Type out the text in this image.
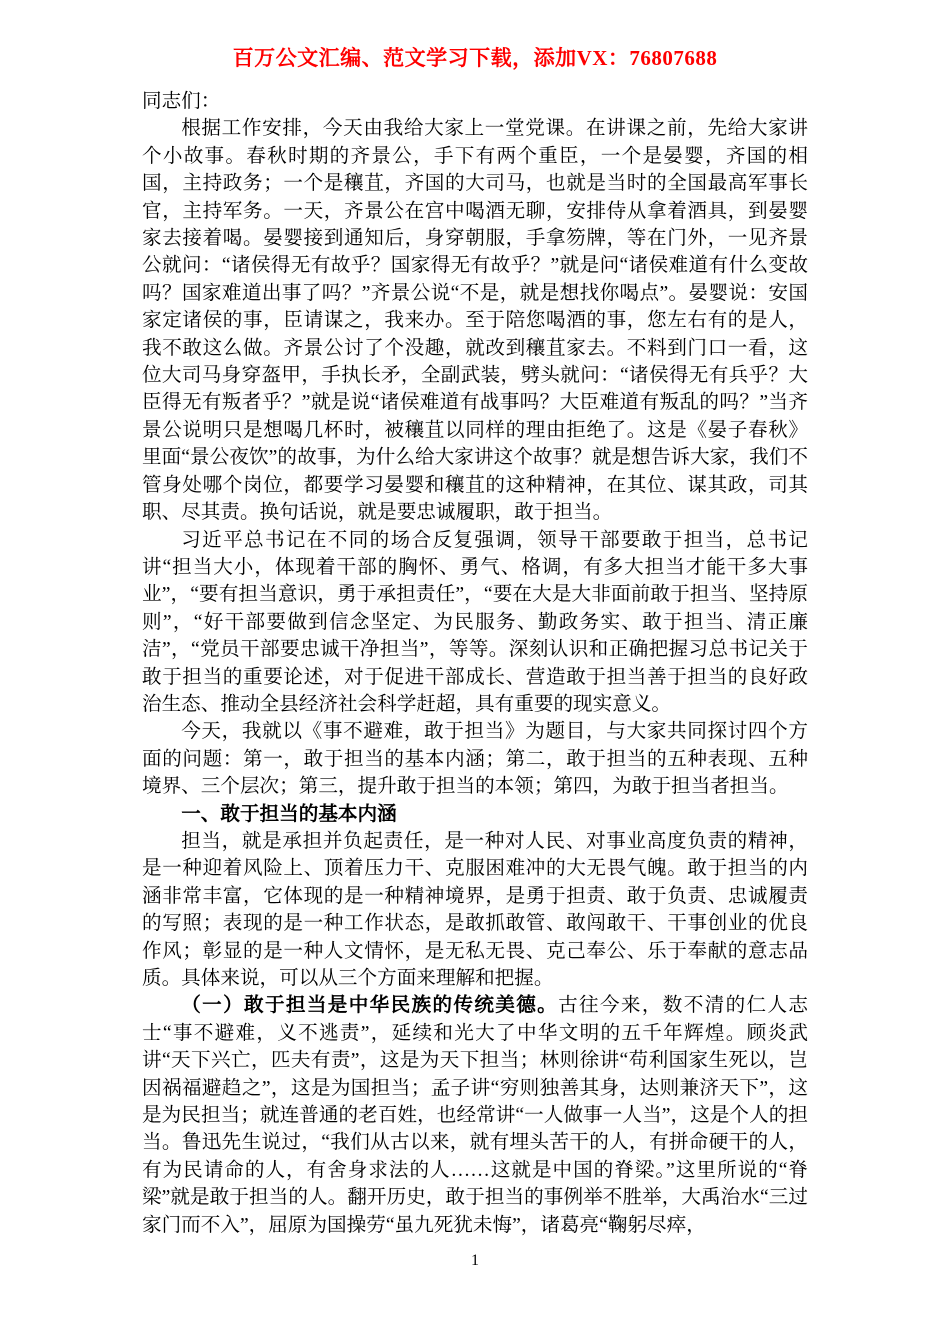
百万公文汇编、范文学习下载，添加VX：76807688

同志们：

根据工作安排，今天由我给大家上一堂党课。在讲课之前，先给大家讲个小故事。春秋时期的齐景公，手下有两个重臣，一个是晏婴，齐国的相国，主持政务；一个是穰苴，齐国的大司马，也就是当时的全国最高军事长官，主持军务。一天，齐景公在宫中喝酒无聊，安排侍从拿着酒具，到晏婴家去接着喝。晏婴接到通知后，身穿朝服，手拿笏牌，等在门外，一见齐景公就问：“诸侯得无有故乎？国家得无有故乎？”就是问“诸侯难道有什么变故吗？国家难道出事了吗？”齐景公说“不是，就是想找你喝点”。晏婴说：安国家定诸侯的事，臣请谋之，我来办。至于陪您喝酒的事，您左右有的是人，我不敢这么做。齐景公讨了个没趣，就改到穰苴家去。不料到门口一看，这位大司马身穿盔甲，手执长矛，全副武装，劈头就问：“诸侯得无有兵乎？大臣得无有叛者乎？”就是说“诸侯难道有战事吗？大臣难道有叛乱的吗？”当齐景公说明只是想喝几杯时，被穰苴以同样的理由拒绝了。这是《晏子春秋》里面“景公夜饮”的故事，为什么给大家讲这个故事？就是想告诉大家，我们不管身处哪个岗位，都要学习晏婴和穰苴的这种精神，在其位、谋其政，司其职、尽其责。换句话说，就是要忠诚履职，敢于担当。

习近平总书记在不同的场合反复强调，领导干部要敢于担当，总书记讲“担当大小，体现着干部的胸怀、勇气、格调，有多大担当才能干多大事业”，“要有担当意识，勇于承担责任”，“要在大是大非面前敢于担当、坚持原则”，“好干部要做到信念坚定、为民服务、勤政务实、敢于担当、清正廉洁”，“党员干部要忠诚干净担当”，等等。深刻认识和正确把握习总书记关于敢于担当的重要论述，对于促进干部成长、营造敢于担当善于担当的良好政治生态、推动全县经济社会科学赶超，具有重要的现实意义。

今天，我就以《事不避难，敢于担当》为题目，与大家共同探讨四个方面的问题：第一，敢于担当的基本内涵；第二，敢于担当的五种表现、五种境界、三个层次；第三，提升敢于担当的本领；第四，为敢于担当者担当。

一、敢于担当的基本内涵

担当，就是承担并负起责任，是一种对人民、对事业高度负责的精神，是一种迎着风险上、顶着压力干、克服困难冲的大无畏气魄。敢于担当的内涵非常丰富，它体现的是一种精神境界，是勇于担责、敢于负责、忠诚履责的写照；表现的是一种工作状态，是敢抓敢管、敢闯敢干、干事创业的优良作风；彰显的是一种人文情怀，是无私无畏、克己奉公、乐于奉献的意志品质。具体来说，可以从三个方面来理解和把握。

（一）敢于担当是中华民族的传统美德。古往今来，数不清的仁人志士“事不避难，义不逃责”，延续和光大了中华文明的五千年辉煌。顾炎武讲“天下兴亡，匹夫有责”，这是为天下担当；林则徐讲“苟利国家生死以，岂因祸福避趋之”，这是为国担当；孟子讲“穷则独善其身，达则兼济天下”，这是为民担当；就连普通的老百姓，也经常讲“一人做事一人当”，这是个人的担当。鲁迅先生说过，“我们从古以来，就有埋头苦干的人，有拼命硬干的人，有为民请命的人，有舍身求法的人……这就是中国的脊梁。”这里所说的“脊梁”就是敢于担当的人。翻开历史，敢于担当的事例举不胜举，大禹治水“三过家门而不入”，屈原为国操劳“虽九死犹未悔”，诸葛亮“鞠躬尽瘁，

1
